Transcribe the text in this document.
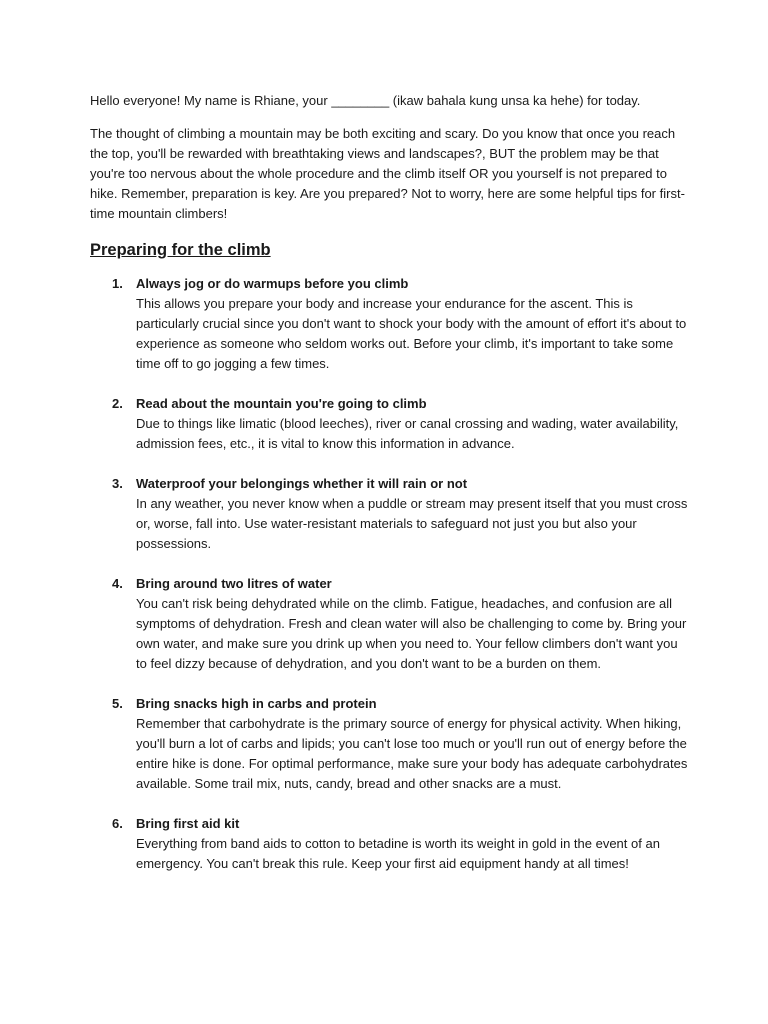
Hello everyone! My name is Rhiane, your ________ (ikaw bahala kung unsa ka hehe) for today.

The thought of climbing a mountain may be both exciting and scary. Do you know that once you reach the top, you'll be rewarded with breathtaking views and landscapes?, BUT the problem may be that you're too nervous about the whole procedure and the climb itself OR you yourself is not prepared to hike. Remember, preparation is key. Are you prepared? Not to worry, here are some helpful tips for first-time mountain climbers!

Preparing for the climb
1. Always jog or do warmups before you climb
This allows you prepare your body and increase your endurance for the ascent. This is particularly crucial since you don't want to shock your body with the amount of effort it's about to experience as someone who seldom works out. Before your climb, it's important to take some time off to go jogging a few times.
2. Read about the mountain you're going to climb
Due to things like limatic (blood leeches), river or canal crossing and wading, water availability, admission fees, etc., it is vital to know this information in advance.
3. Waterproof your belongings whether it will rain or not
In any weather, you never know when a puddle or stream may present itself that you must cross or, worse, fall into. Use water-resistant materials to safeguard not just you but also your possessions.
4. Bring around two litres of water
You can't risk being dehydrated while on the climb. Fatigue, headaches, and confusion are all symptoms of dehydration. Fresh and clean water will also be challenging to come by. Bring your own water, and make sure you drink up when you need to. Your fellow climbers don't want you to feel dizzy because of dehydration, and you don't want to be a burden on them.
5. Bring snacks high in carbs and protein
Remember that carbohydrate is the primary source of energy for physical activity. When hiking, you'll burn a lot of carbs and lipids; you can't lose too much or you'll run out of energy before the entire hike is done. For optimal performance, make sure your body has adequate carbohydrates available. Some trail mix, nuts, candy, bread and other snacks are a must.
6. Bring first aid kit
Everything from band aids to cotton to betadine is worth its weight in gold in the event of an emergency. You can't break this rule. Keep your first aid equipment handy at all times!
